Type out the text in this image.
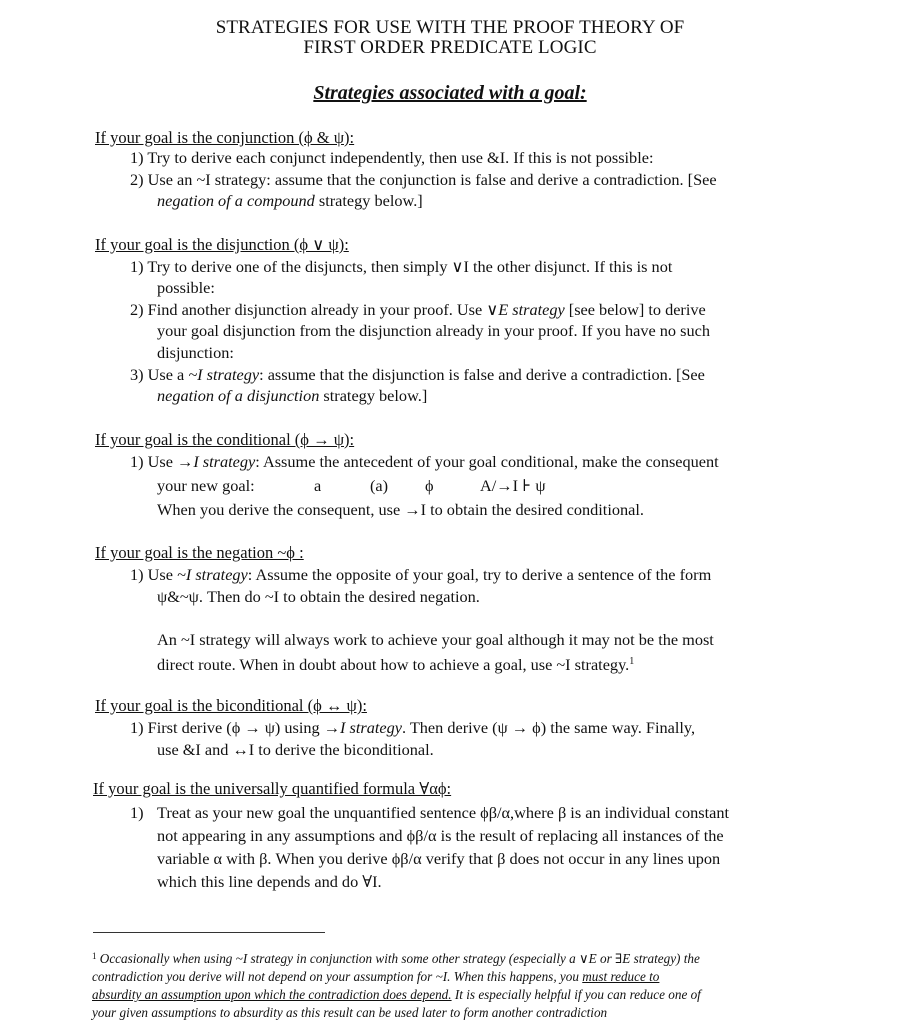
STRATEGIES FOR USE WITH THE PROOF THEORY OF
FIRST ORDER PREDICATE LOGIC
Strategies associated with a goal:
If your goal is the conjunction (ϕ & ψ):
1) Try to derive each conjunct independently, then use &I. If this is not possible:
2) Use an ~I strategy: assume that the conjunction is false and derive a contradiction. [See
negation of a compound strategy below.]
If your goal is the disjunction (ϕ ∨ ψ):
1) Try to derive one of the disjuncts, then simply ∨I the other disjunct. If this is not
possible:
2) Find another disjunction already in your proof. Use ∨E strategy [see below] to derive
your goal disjunction from the disjunction already in your proof. If you have no such
disjunction:
3) Use a ~I strategy: assume that the disjunction is false and derive a contradiction. [See
negation of a disjunction strategy below.]
If your goal is the conditional (ϕ → ψ):
1) Use →I strategy: Assume the antecedent of your goal conditional, make the consequent
your new goal:	a	(a) ϕ	A/→I ⊦ ψ
When you derive the consequent, use →I to obtain the desired conditional.
If your goal is the negation ~ϕ :
1) Use ~I strategy: Assume the opposite of your goal, try to derive a sentence of the form
ψ&~ψ. Then do ~I to obtain the desired negation.
An ~I strategy will always work to achieve your goal although it may not be the most
direct route. When in doubt about how to achieve a goal, use ~I strategy.$^1$
If your goal is the biconditional (ϕ ↔ ψ):
1) First derive (ϕ → ψ) using →I strategy. Then derive (ψ → ϕ) the same way. Finally,
use &I and ↔I to derive the biconditional.
If your goal is the universally quantified formula ∀αϕ:
1) Treat as your new goal the unquantified sentence ϕβ/α,where β is an individual constant
not appearing in any assumptions and ϕβ/α is the result of replacing all instances of the
variable α with β. When you derive ϕβ/α verify that β does not occur in any lines upon
which this line depends and do ∀I.
$^1$ Occasionally when using ~I strategy in conjunction with some other strategy (especially a ∨E or ∃E strategy) the
contradiction you derive will not depend on your assumption for ~I. When this happens, you must reduce to
absurdity an assumption upon which the contradiction does depend. It is especially helpful if you can reduce one of
your given assumptions to absurdity as this result can be used later to form another contradiction
